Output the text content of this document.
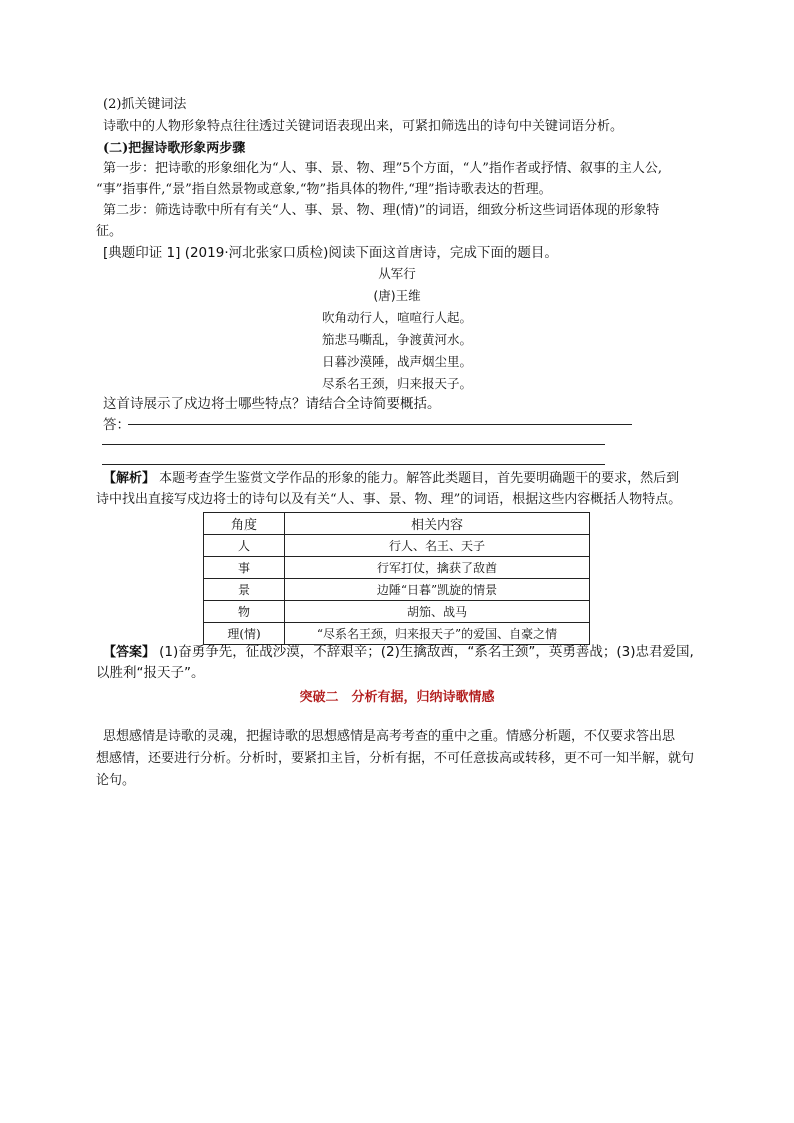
(2)抓关键词法
诗歌中的人物形象特点往往透过关键词语表现出来，可紧扣筛选出的诗句中关键词语分析。
(二)把握诗歌形象两步骤
第一步：把诗歌的形象细化为“人、事、景、物、理”5个方面，“人”指作者或抒情、叙事的主人公,
“事”指事件,“景”指自然景物或意象,“物”指具体的物件,“理”指诗歌表达的哲理。
第二步：筛选诗歌中所有有关“人、事、景、物、理(情)”的词语，细致分析这些词语体现的形象特
征。
[典题印证 1] (2019·河北张家口质检)阅读下面这首唐诗，完成下面的题目。
从军行
(唐)王维
吹角动行人，喧喧行人起。
笳悲马嘶乱，争渡黄河水。
日暮沙漠陲，战声烟尘里。
尽系名王颈，归来报天子。
这首诗展示了戍边将士哪些特点？请结合全诗简要概括。
答：
【解析】 本题考查学生鉴赏文学作品的形象的能力。解答此类题目，首先要明确题干的要求，然后到
诗中找出直接写戍边将士的诗句以及有关“人、事、景、物、理”的词语，根据这些内容概括人物特点。
角度	相关内容
人	行人、名王、天子
事	行军打仗，擒获了敌酋
景	边陲“日暮”凯旋的情景
物	胡笳、战马
理(情)	“尽系名王颈，归来报天子”的爱国、自豪之情
【答案】 (1)奋勇争先，征战沙漠，不辞艰辛；(2)生擒敌酋，“系名王颈”，英勇善战；(3)忠君爱国,
以胜利“报天子”。
突破二　分析有据，归纳诗歌情感
思想感情是诗歌的灵魂，把握诗歌的思想感情是高考考查的重中之重。情感分析题，不仅要求答出思
想感情，还要进行分析。分析时，要紧扣主旨，分析有据，不可任意拔高或转移，更不可一知半解，就句
论句。
